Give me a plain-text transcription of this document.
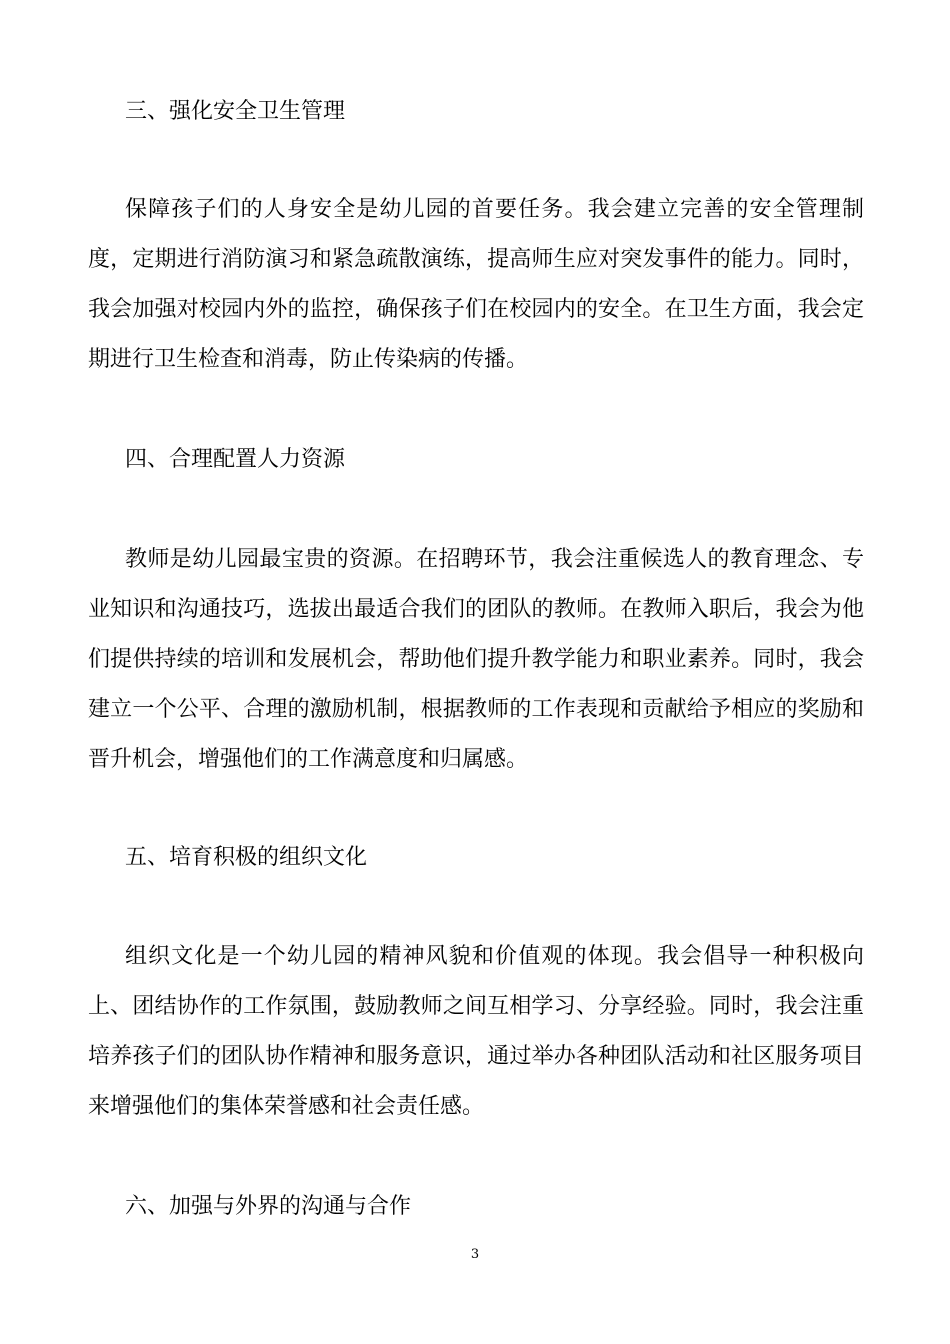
三、强化安全卫生管理

保障孩子们的人身安全是幼儿园的首要任务。我会建立完善的安全管理制度，定期进行消防演习和紧急疏散演练，提高师生应对突发事件的能力。同时，我会加强对校园内外的监控，确保孩子们在校园内的安全。在卫生方面，我会定期进行卫生检查和消毒，防止传染病的传播。

四、合理配置人力资源

教师是幼儿园最宝贵的资源。在招聘环节，我会注重候选人的教育理念、专业知识和沟通技巧，选拔出最适合我们的团队的教师。在教师入职后，我会为他们提供持续的培训和发展机会，帮助他们提升教学能力和职业素养。同时，我会建立一个公平、合理的激励机制，根据教师的工作表现和贡献给予相应的奖励和晋升机会，增强他们的工作满意度和归属感。

五、培育积极的组织文化

组织文化是一个幼儿园的精神风貌和价值观的体现。我会倡导一种积极向上、团结协作的工作氛围，鼓励教师之间互相学习、分享经验。同时，我会注重培养孩子们的团队协作精神和服务意识，通过举办各种团队活动和社区服务项目来增强他们的集体荣誉感和社会责任感。

六、加强与外界的沟通与合作
3
